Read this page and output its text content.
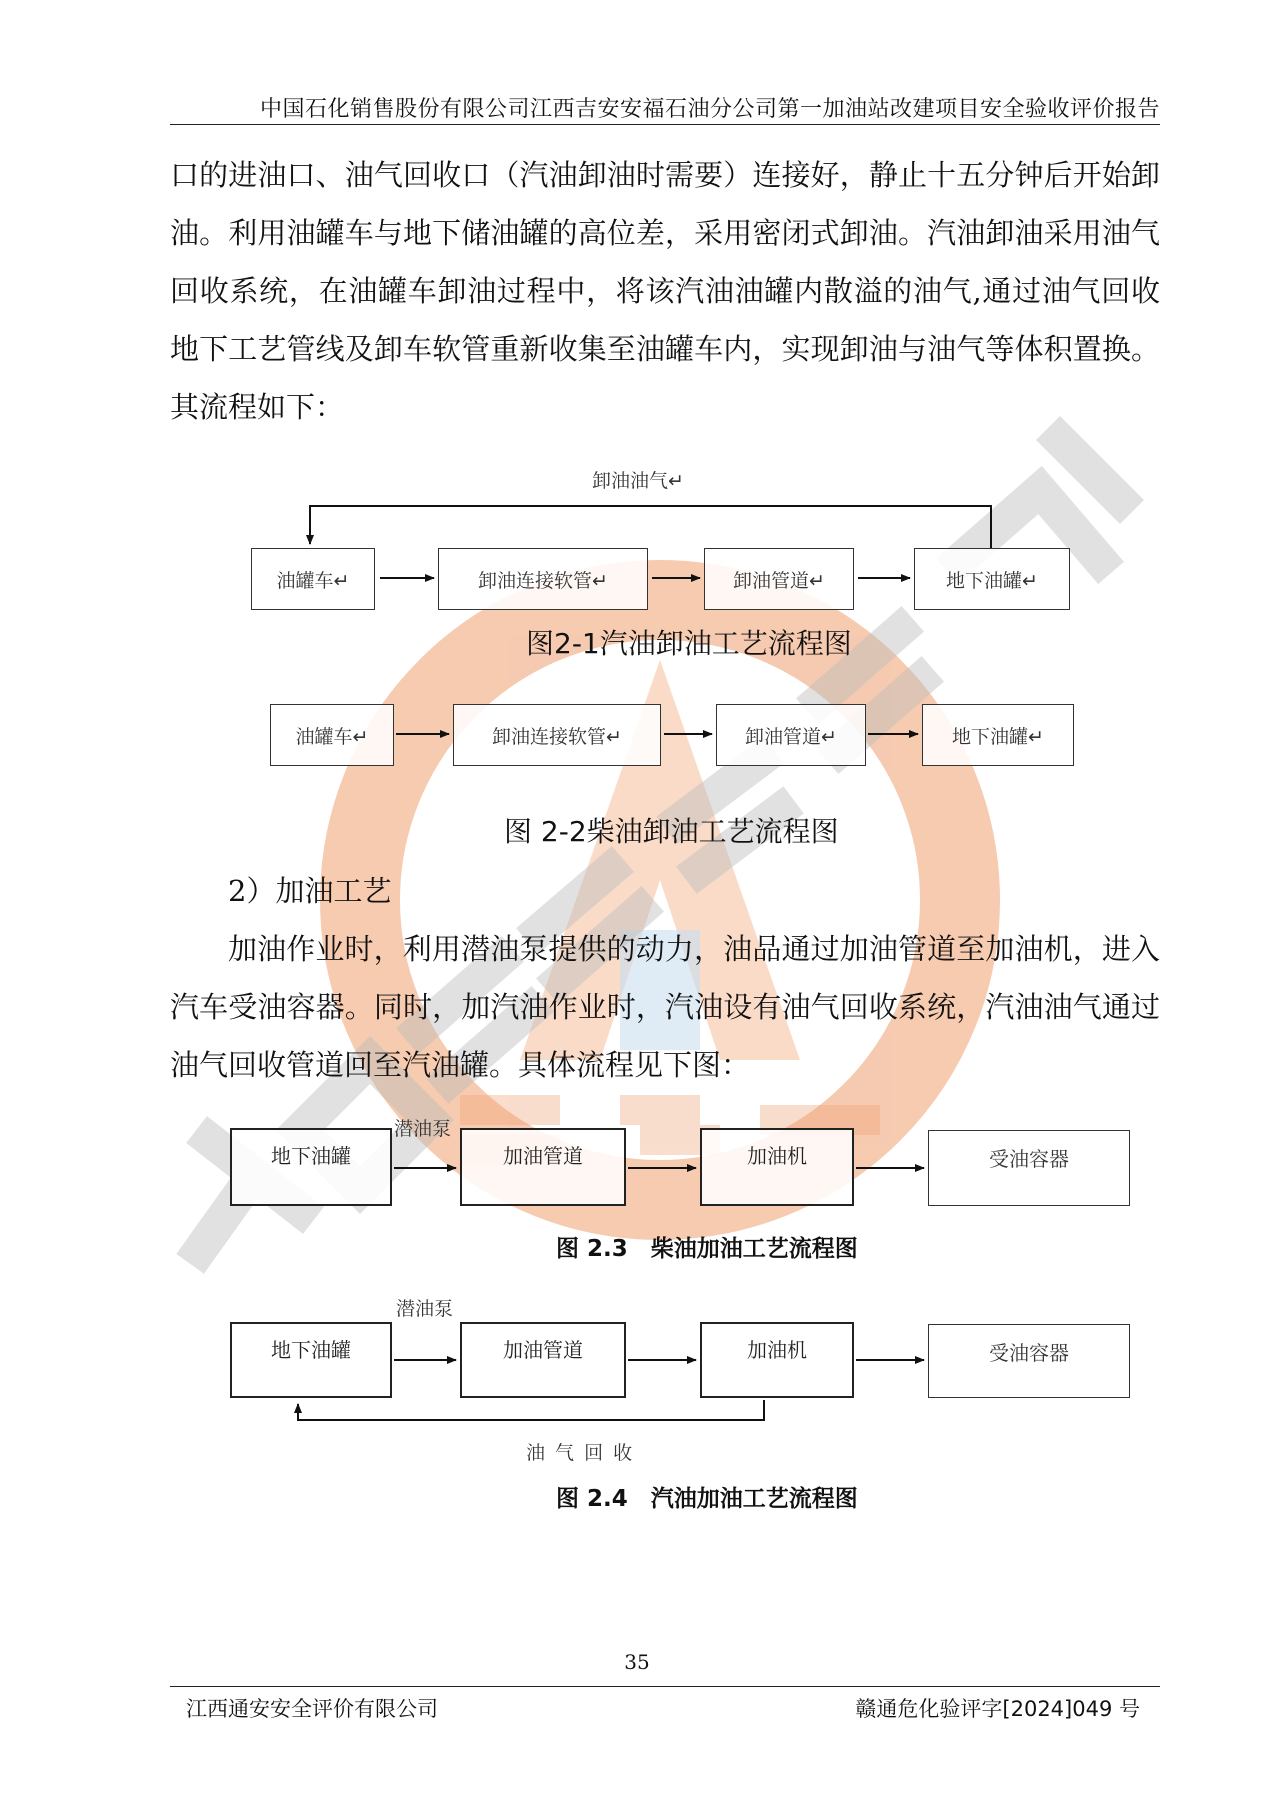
中国石化销售股份有限公司江西吉安安福石油分公司第一加油站改建项目安全验收评价报告
口的进油口、油气回收口（汽油卸油时需要）连接好，静止十五分钟后开始卸油。利用油罐车与地下储油罐的高位差，采用密闭式卸油。汽油卸油采用油气回收系统，在油罐车卸油过程中，将该汽油油罐内散溢的油气,通过油气回收地下工艺管线及卸车软管重新收集至油罐车内，实现卸油与油气等体积置换。其流程如下：
卸油油气↵
油罐车↵	卸油连接软管↵	卸油管道↵	地下油罐↵
图2-1汽油卸油工艺流程图
油罐车↵	卸油连接软管↵	卸油管道↵	地下油罐↵
图 2-2柴油卸油工艺流程图
2）加油工艺
加油作业时，利用潜油泵提供的动力，油品通过加油管道至加油机，进入汽车受油容器。同时，加汽油作业时，汽油设有油气回收系统，汽油油气通过油气回收管道回至汽油罐。具体流程见下图：
潜油泵
地下油罐	加油管道	加油机	受油容器
图 2.3　柴油加油工艺流程图
潜油泵
地下油罐	加油管道	加油机	受油容器
油 气 回 收
图 2.4　汽油加油工艺流程图
35
江西通安安全评价有限公司	赣通危化验评字[2024]049 号
